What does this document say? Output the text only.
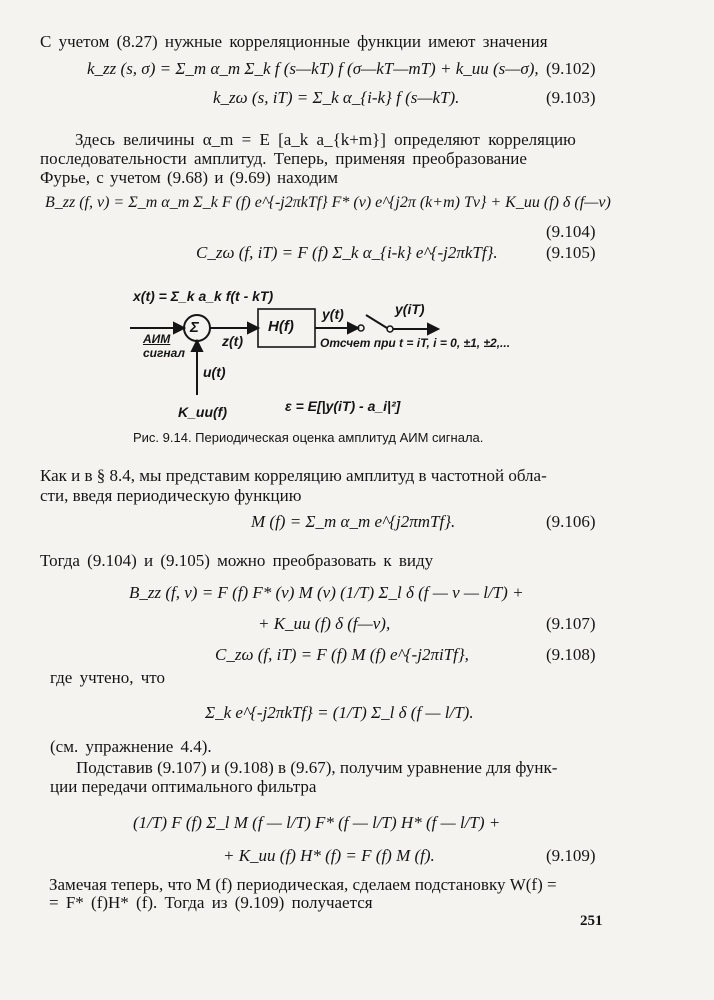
С учетом (8.27) нужные корреляционные функции имеют значения
k_zz (s, σ) = Σ_m α_m Σ_k f (s—kT) f (σ—kT—mT) + k_uu (s—σ), (9.102)
k_zω (s, iT) = Σ_k α_{i-k} f (s—kT).	(9.103)
Здесь величины α_m = E [a_k a_{k+m}] определяют корреляцию
последовательности амплитуд. Теперь, применяя преобразование
Фурье, с учетом (9.68) и (9.69) находим
B_zz (f, ν) = Σ_m α_m Σ_k F (f) e^{-j2πkTf} F* (ν) e^{j2π (k+m) Tν} + K_uu (f) δ (f—ν)
(9.104)
C_zω (f, iT) = F (f) Σ_k α_{i-k} e^{-j2πkTf}.	(9.105)
x(t) = Σ_k a_k f(t - kT)
АИМ
сигнал
Σ
z(t)
H(f)
y(t)	y(iT)
Отсчет при t = iT, i = 0, ±1, ±2,...
u(t)
K_uu(f)	ε = E[|y(iT) - a_i|²]
Рис. 9.14. Периодическая оценка амплитуд АИМ сигнала.
Как и в § 8.4, мы представим корреляцию амплитуд в частотной обла-
сти, введя периодическую функцию
M (f) = Σ_m α_m e^{j2πmTf}.	(9.106)
Тогда (9.104) и (9.105) можно преобразовать к виду
B_zz (f, ν) = F (f) F* (ν) M (ν) (1/T) Σ_l δ (f — ν — l/T) +
+ K_uu (f) δ (f—ν),	(9.107)
C_zω (f, iT) = F (f) M (f) e^{-j2πiTf},	(9.108)
где учтено, что
Σ_k e^{-j2πkTf} = (1/T) Σ_l δ (f — l/T).
(см. упражнение 4.4).
Подставив (9.107) и (9.108) в (9.67), получим уравнение для функ-
ции передачи оптимального фильтра
(1/T) F (f) Σ_l M (f — l/T) F* (f — l/T) H* (f — l/T) +
+ K_uu (f) H* (f) = F (f) M (f).	(9.109)
Замечая теперь, что M (f) периодическая, сделаем подстановку W(f) =
= F* (f)H* (f). Тогда из (9.109) получается
251
